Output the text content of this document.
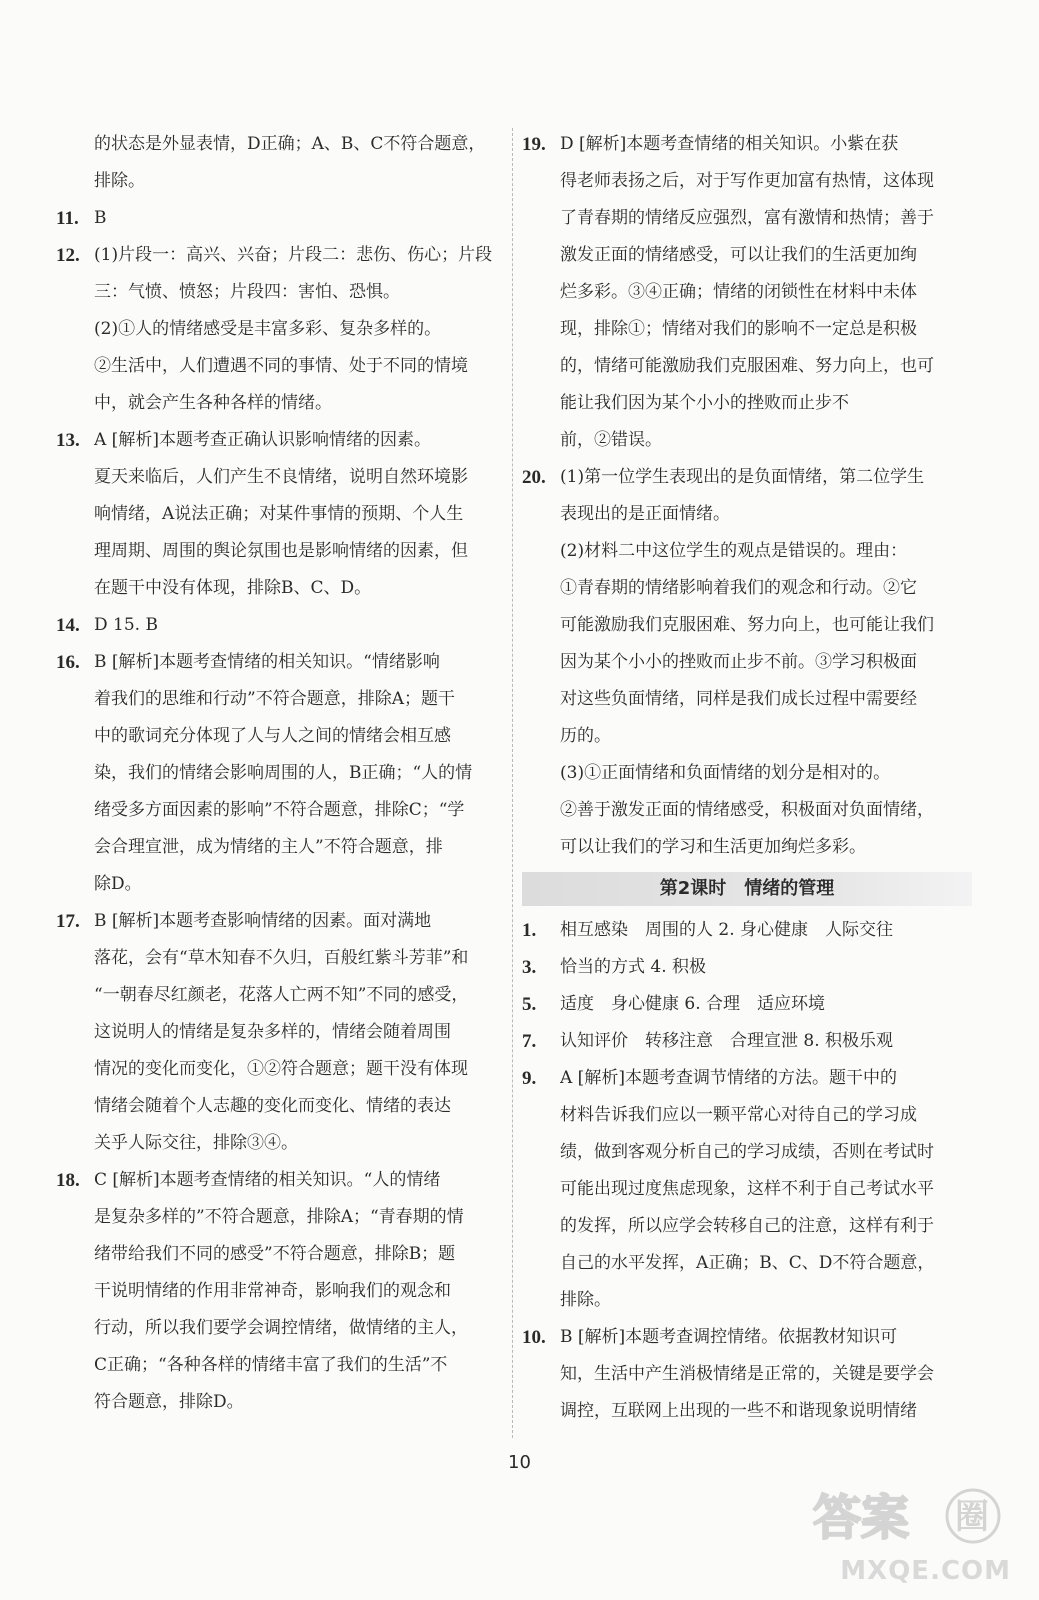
的状态是外显表情，D正确；A、B、C不符合题意，
排除。
11. B
12. (1)片段一：高兴、兴奋；片段二：悲伤、伤心；片段
三：气愤、愤怒；片段四：害怕、恐惧。
(2)①人的情绪感受是丰富多彩、复杂多样的。
②生活中，人们遭遇不同的事情、处于不同的情境
中，就会产生各种各样的情绪。
13. A [解析]本题考查正确认识影响情绪的因素。
夏天来临后，人们产生不良情绪，说明自然环境影
响情绪，A说法正确；对某件事情的预期、个人生
理周期、周围的舆论氛围也是影响情绪的因素，但
在题干中没有体现，排除B、C、D。
14. D 15. B
16. B [解析]本题考查情绪的相关知识。“情绪影响
着我们的思维和行动”不符合题意，排除A；题干
中的歌词充分体现了人与人之间的情绪会相互感
染，我们的情绪会影响周围的人，B正确；“人的情
绪受多方面因素的影响”不符合题意，排除C；“学
会合理宣泄，成为情绪的主人”不符合题意，排
除D。
17. B [解析]本题考查影响情绪的因素。面对满地
落花，会有“草木知春不久归，百般红紫斗芳菲”和
“一朝春尽红颜老，花落人亡两不知”不同的感受，
这说明人的情绪是复杂多样的，情绪会随着周围
情况的变化而变化，①②符合题意；题干没有体现
情绪会随着个人志趣的变化而变化、情绪的表达
关乎人际交往，排除③④。
18. C [解析]本题考查情绪的相关知识。“人的情绪
是复杂多样的”不符合题意，排除A；“青春期的情
绪带给我们不同的感受”不符合题意，排除B；题
干说明情绪的作用非常神奇，影响我们的观念和
行动，所以我们要学会调控情绪，做情绪的主人，
C正确；“各种各样的情绪丰富了我们的生活”不
符合题意，排除D。
19. D [解析]本题考查情绪的相关知识。小紫在获
得老师表扬之后，对于写作更加富有热情，这体现
了青春期的情绪反应强烈，富有激情和热情；善于
激发正面的情绪感受，可以让我们的生活更加绚
烂多彩。③④正确；情绪的闭锁性在材料中未体
现，排除①；情绪对我们的影响不一定总是积极
的，情绪可能激励我们克服困难、努力向上，也可
能让我们因为某个小小的挫败而止步不
前，②错误。
20. (1)第一位学生表现出的是负面情绪，第二位学生
表现出的是正面情绪。
(2)材料二中这位学生的观点是错误的。理由：
①青春期的情绪影响着我们的观念和行动。②它
可能激励我们克服困难、努力向上，也可能让我们
因为某个小小的挫败而止步不前。③学习积极面
对这些负面情绪，同样是我们成长过程中需要经
历的。
(3)①正面情绪和负面情绪的划分是相对的。
②善于激发正面的情绪感受，积极面对负面情绪，
可以让我们的学习和生活更加绚烂多彩。
第2课时　情绪的管理
1.	相互感染　周围的人 2. 身心健康　人际交往
3.	恰当的方式 4. 积极
5.	适度　身心健康 6. 合理　适应环境
7.	认知评价　转移注意　合理宣泄 8. 积极乐观
9.	A [解析]本题考查调节情绪的方法。题干中的
材料告诉我们应以一颗平常心对待自己的学习成
绩，做到客观分析自己的学习成绩，否则在考试时
可能出现过度焦虑现象，这样不利于自己考试水平
的发挥，所以应学会转移自己的注意，这样有利于
自己的水平发挥，A正确；B、C、D不符合题意，
排除。
10. B [解析]本题考查调控情绪。依据教材知识可
知，生活中产生消极情绪是正常的，关键是要学会
调控，互联网上出现的一些不和谐现象说明情绪
10
答案 圈
MXQE.COM
